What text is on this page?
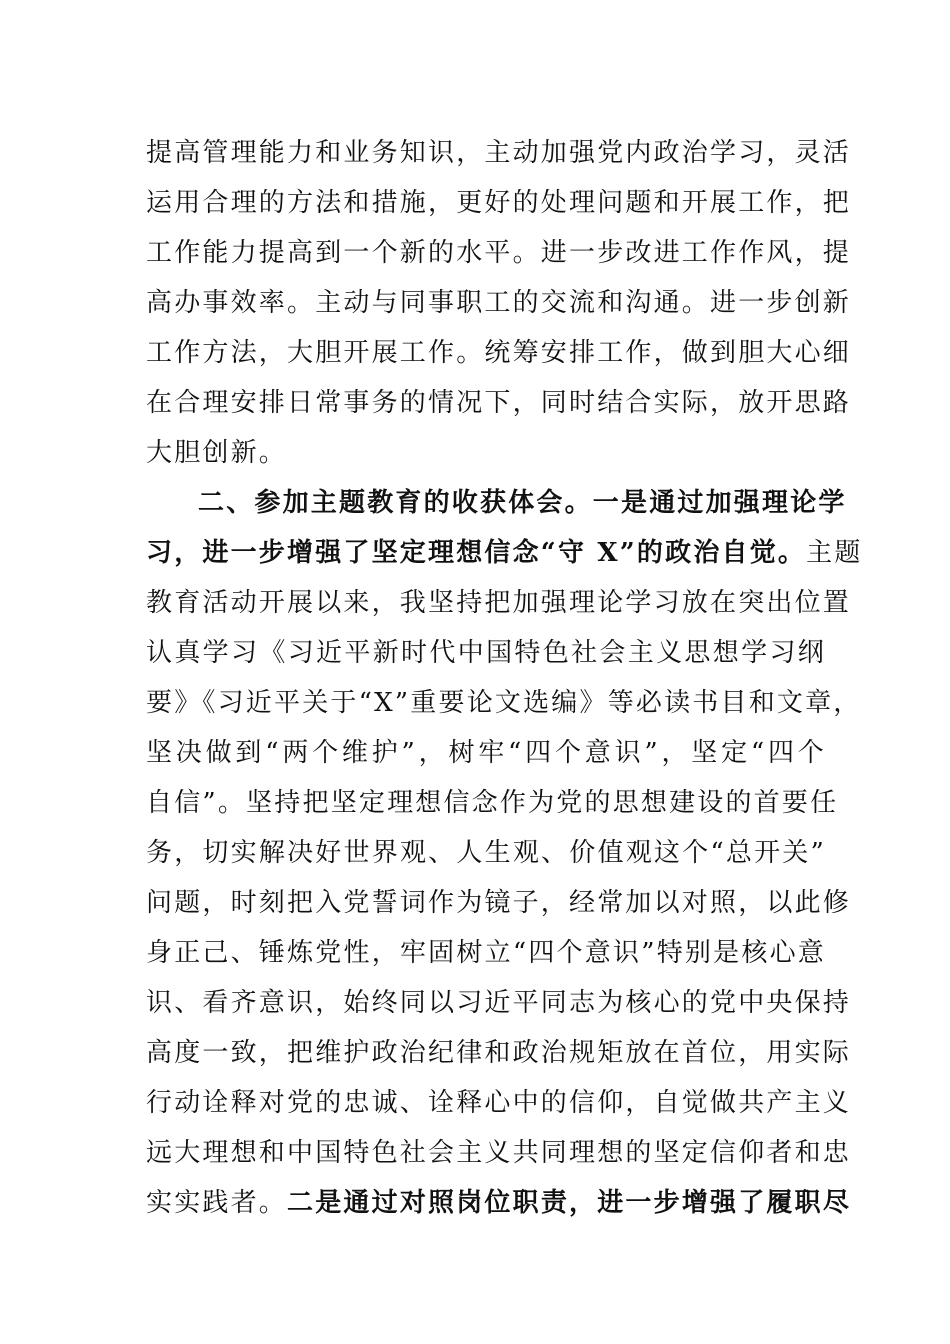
提高管理能力和业务知识，主动加强党内政治学习，灵活
运用合理的方法和措施，更好的处理问题和开展工作，把
工作能力提高到一个新的水平。进一步改进工作作风，提
高办事效率。主动与同事职工的交流和沟通。进一步创新
工作方法，大胆开展工作。统筹安排工作，做到胆大心细
在合理安排日常事务的情况下，同时结合实际，放开思路
大胆创新。
二、参加主题教育的收获体会。一是通过加强理论学
习，进一步增强了坚定理想信念“守 X”的政治自觉。主题
教育活动开展以来，我坚持把加强理论学习放在突出位置
认真学习《习近平新时代中国特色社会主义思想学习纲
要》《习近平关于“X”重要论文选编》等必读书目和文章，
坚决做到“两个维护”，树牢“四个意识”，坚定“四个
自信”。坚持把坚定理想信念作为党的思想建设的首要任
务，切实解决好世界观、人生观、价值观这个“总开关”
问题，时刻把入党誓词作为镜子，经常加以对照，以此修
身正己、锤炼党性，牢固树立“四个意识”特别是核心意
识、看齐意识，始终同以习近平同志为核心的党中央保持
高度一致，把维护政治纪律和政治规矩放在首位，用实际
行动诠释对党的忠诚、诠释心中的信仰，自觉做共产主义
远大理想和中国特色社会主义共同理想的坚定信仰者和忠
实实践者。二是通过对照岗位职责，进一步增强了履职尽
